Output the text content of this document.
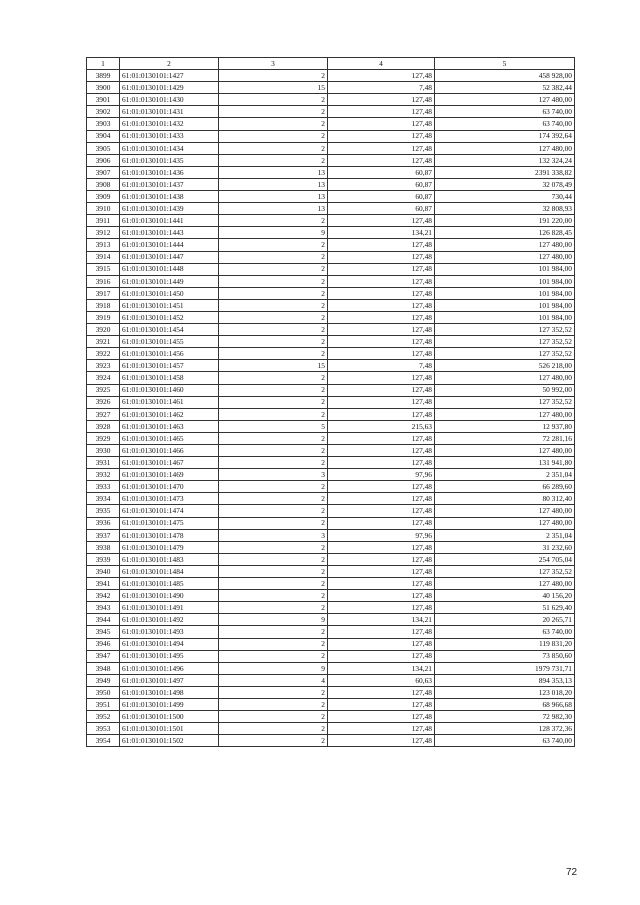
1	2	3	4	5
3899	61:01:0130101:1427	2	127,48	458 928,00
3900	61:01:0130101:1429	15	7,48	52 382,44
3901	61:01:0130101:1430	2	127,48	127 480,00
3902	61:01:0130101:1431	2	127,48	63 740,00
3903	61:01:0130101:1432	2	127,48	63 740,00
3904	61:01:0130101:1433	2	127,48	174 392,64
3905	61:01:0130101:1434	2	127,48	127 480,00
3906	61:01:0130101:1435	2	127,48	132 324,24
3907	61:01:0130101:1436	13	60,87	2391 338,82
3908	61:01:0130101:1437	13	60,87	32 078,49
3909	61:01:0130101:1438	13	60,87	730,44
3910	61:01:0130101:1439	13	60,87	32 808,93
3911	61:01:0130101:1441	2	127,48	191 220,00
3912	61:01:0130101:1443	9	134,21	126 828,45
3913	61:01:0130101:1444	2	127,48	127 480,00
3914	61:01:0130101:1447	2	127,48	127 480,00
3915	61:01:0130101:1448	2	127,48	101 984,00
3916	61:01:0130101:1449	2	127,48	101 984,00
3917	61:01:0130101:1450	2	127,48	101 984,00
3918	61:01:0130101:1451	2	127,48	101 984,00
3919	61:01:0130101:1452	2	127,48	101 984,00
3920	61:01:0130101:1454	2	127,48	127 352,52
3921	61:01:0130101:1455	2	127,48	127 352,52
3922	61:01:0130101:1456	2	127,48	127 352,52
3923	61:01:0130101:1457	15	7,48	526 218,00
3924	61:01:0130101:1458	2	127,48	127 480,00
3925	61:01:0130101:1460	2	127,48	50 992,00
3926	61:01:0130101:1461	2	127,48	127 352,52
3927	61:01:0130101:1462	2	127,48	127 480,00
3928	61:01:0130101:1463	5	215,63	12 937,80
3929	61:01:0130101:1465	2	127,48	72 281,16
3930	61:01:0130101:1466	2	127,48	127 480,00
3931	61:01:0130101:1467	2	127,48	131 941,80
3932	61:01:0130101:1469	3	97,96	2 351,04
3933	61:01:0130101:1470	2	127,48	66 289,60
3934	61:01:0130101:1473	2	127,48	80 312,40
3935	61:01:0130101:1474	2	127,48	127 480,00
3936	61:01:0130101:1475	2	127,48	127 480,00
3937	61:01:0130101:1478	3	97,96	2 351,04
3938	61:01:0130101:1479	2	127,48	31 232,60
3939	61:01:0130101:1483	2	127,48	254 705,04
3940	61:01:0130101:1484	2	127,48	127 352,52
3941	61:01:0130101:1485	2	127,48	127 480,00
3942	61:01:0130101:1490	2	127,48	40 156,20
3943	61:01:0130101:1491	2	127,48	51 629,40
3944	61:01:0130101:1492	9	134,21	20 265,71
3945	61:01:0130101:1493	2	127,48	63 740,00
3946	61:01:0130101:1494	2	127,48	119 831,20
3947	61:01:0130101:1495	2	127,48	73 850,60
3948	61:01:0130101:1496	9	134,21	1979 731,71
3949	61:01:0130101:1497	4	60,63	894 353,13
3950	61:01:0130101:1498	2	127,48	123 018,20
3951	61:01:0130101:1499	2	127,48	68 966,68
3952	61:01:0130101:1500	2	127,48	72 982,30
3953	61:01:0130101:1501	2	127,48	128 372,36
3954	61:01:0130101:1502	2	127,48	63 740,00
72
